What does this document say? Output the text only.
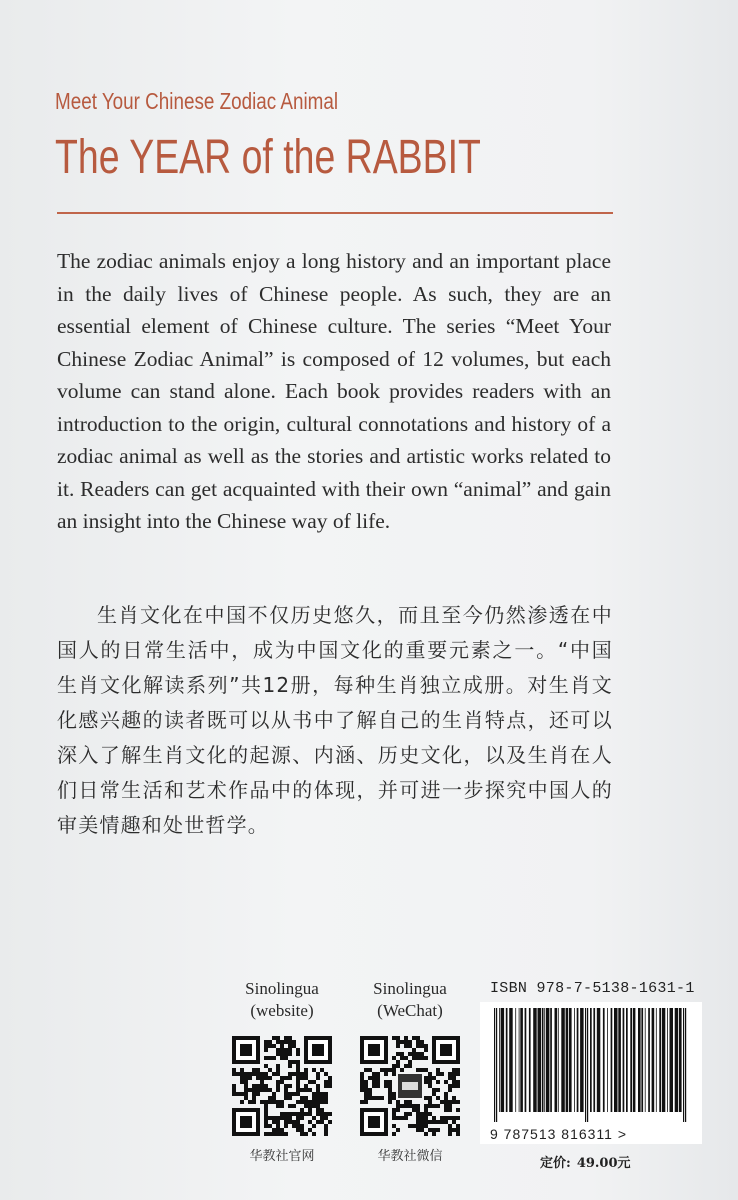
Meet Your Chinese Zodiac Animal
The YEAR of the RABBIT
The zodiac animals enjoy a long history and an important place in the daily lives of Chinese people. As such, they are an essential element of Chinese culture. The series “Meet Your Chinese Zodiac Animal” is composed of 12 volumes, but each volume can stand alone. Each book provides readers with an introduction to the origin, cultural connotations and history of a zodiac animal as well as the stories and artistic works related to it. Readers can get acquainted with their own “animal” and gain an insight into the Chinese way of life.
生肖文化在中国不仅历史悠久，而且至今仍然渗透在中国人的日常生活中，成为中国文化的重要元素之一。“中国生肖文化解读系列”共12册，每种生肖独立成册。对生肖文化感兴趣的读者既可以从书中了解自己的生肖特点，还可以深入了解生肖文化的起源、内涵、历史文化，以及生肖在人们日常生活和艺术作品中的体现，并可进一步探究中国人的审美情趣和处世哲学。
Sinolingua
(website)
华教社官网
Sinolingua
(WeChat)
华教社微信
ISBN 978-7-5138-1631-1
9 787513 816311 >
定价: 49.00元
